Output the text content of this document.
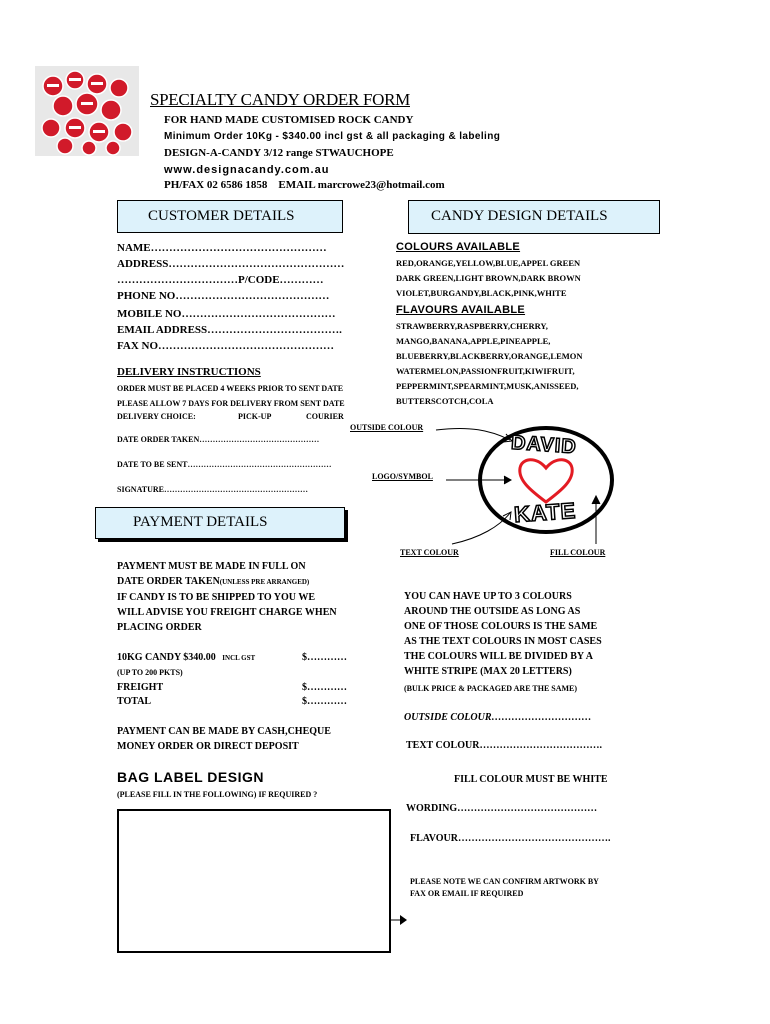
SPECIALTY CANDY ORDER FORM
FOR HAND MADE CUSTOMISED ROCK CANDY
Minimum Order 10Kg - $340.00 incl gst & all packaging & labeling
DESIGN-A-CANDY 3/12 range STWAUCHOPE
www.designacandy.com.au
PH/FAX 02 6586 1858    EMAIL marcrowe23@hotmail.com
CUSTOMER DETAILS	CANDY DESIGN DETAILS
NAME…………………………………………
ADDRESS…………………………………………
……………………………P/CODE…………
PHONE NO……………………………………
MOBILE NO……………………………………
EMAIL ADDRESS……………………………….
FAX NO…………………………………………
DELIVERY INSTRUCTIONS
ORDER MUST BE PLACED 4 WEEKS PRIOR TO SENT DATE
PLEASE ALLOW 7 DAYS FOR DELIVERY FROM SENT DATE
DELIVERY CHOICE:	PICK-UP	COURIER
DATE ORDER TAKEN………………………………………
DATE TO BE SENT………………………………………………
SIGNATURE………………………………………………
COLOURS AVAILABLE
RED,ORANGE,YELLOW,BLUE,APPEL GREEN
DARK GREEN,LIGHT BROWN,DARK BROWN
VIOLET,BURGANDY,BLACK,PINK,WHITE
FLAVOURS AVAILABLE
STRAWBERRY,RASPBERRY,CHERRY,
MANGO,BANANA,APPLE,PINEAPPLE,
BLUEBERRY,BLACKBERRY,ORANGE,LEMON
WATERMELON,PASSIONFRUIT,KIWIFRUIT,
PEPPERMINT,SPEARMINT,MUSK,ANISSEED,
BUTTERSCOTCH,COLA
DAVID
KATE
OUTSIDE COLOUR
LOGO/SYMBOL
TEXT COLOUR	FILL COLOUR
PAYMENT DETAILS
PAYMENT MUST BE MADE IN FULL ON
DATE ORDER TAKEN(UNLESS PRE ARRANGED)
IF CANDY IS TO BE SHIPPED TO YOU WE
WILL ADVISE YOU FREIGHT CHARGE WHEN
PLACING ORDER
10KG CANDY $340.00 INCL GST	$…………
(UP TO 200 PKTS)
FREIGHT	$…………
TOTAL	$…………
PAYMENT CAN BE MADE BY CASH,CHEQUE
MONEY ORDER OR DIRECT DEPOSIT
YOU CAN HAVE UP TO 3 COLOURS
AROUND THE OUTSIDE AS LONG AS
ONE OF THOSE COLOURS IS THE SAME
AS THE TEXT COLOURS IN MOST CASES
THE COLOURS WILL BE DIVIDED BY A
WHITE STRIPE (MAX 20 LETTERS)
(BULK PRICE & PACKAGED ARE THE SAME)
OUTSIDE COLOUR…………………………
TEXT COLOUR……………………………….
FILL COLOUR MUST BE WHITE
BAG LABEL DESIGN
(PLEASE FILL IN THE FOLLOWING) IF REQUIRED ?
WORDING……………………………………
FLAVOUR……………………………………….
PLEASE NOTE WE CAN CONFIRM ARTWORK BY
FAX OR EMAIL IF REQUIRED
